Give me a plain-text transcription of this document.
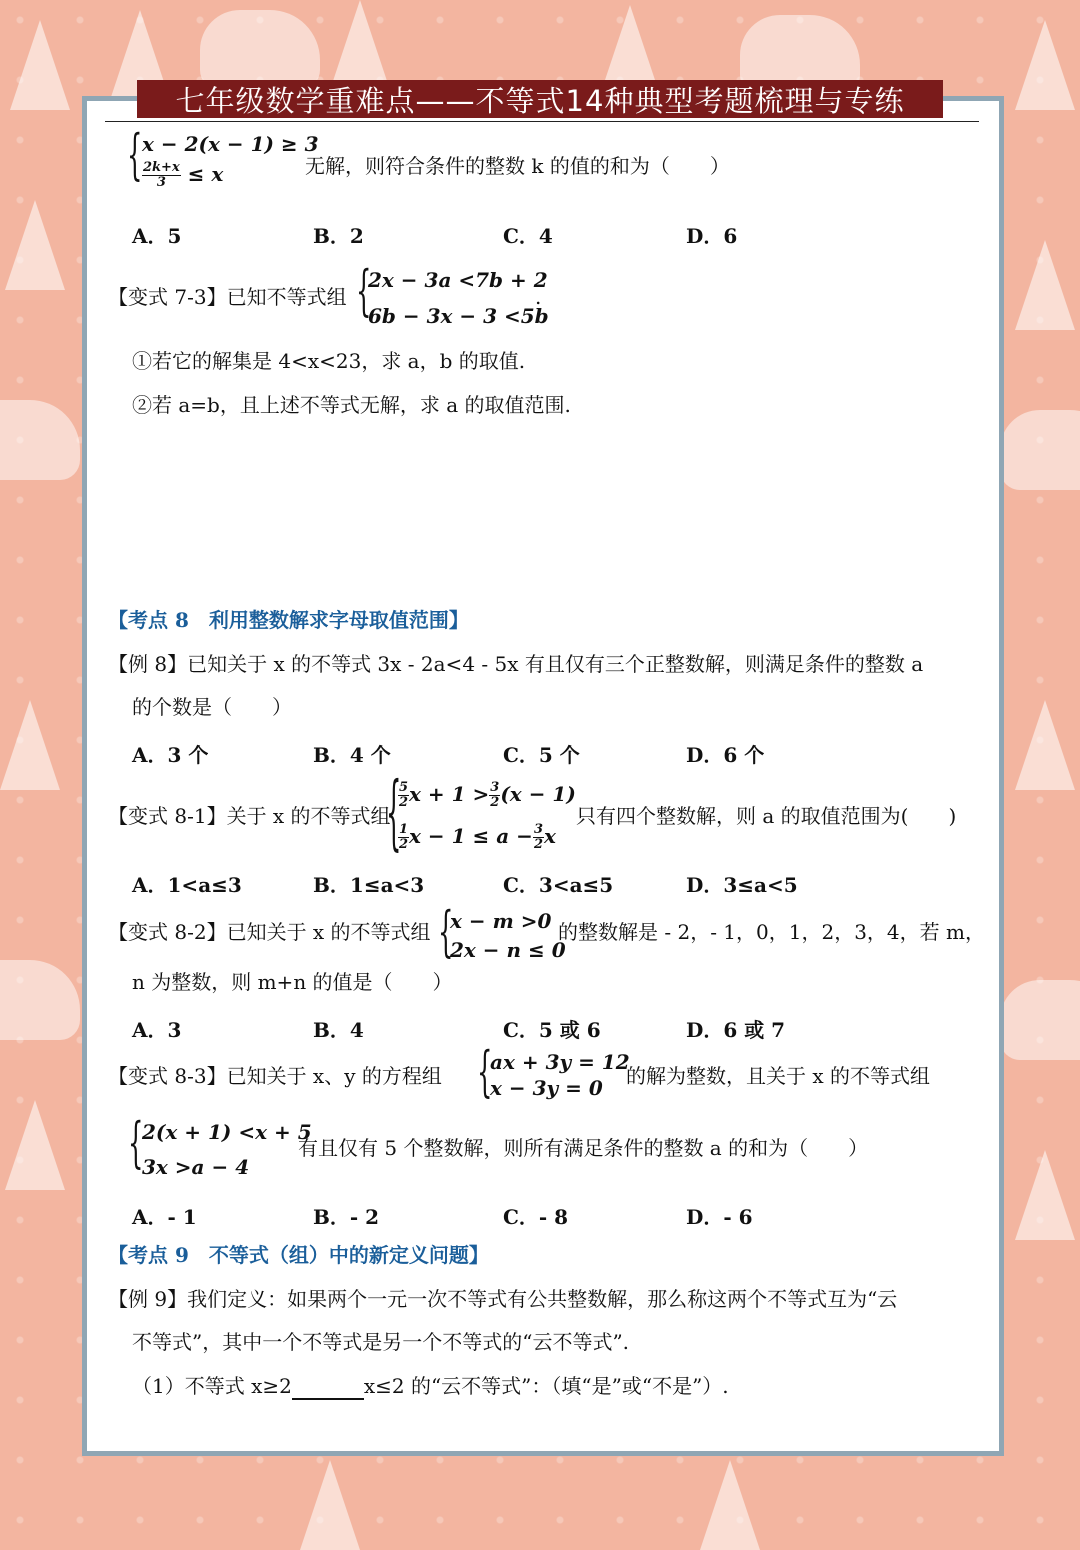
七年级数学重难点——不等式14种典型考题梳理与专练
{ x − 2(x − 1) ≥ 3
$\frac{2k+x}{3} \le x$	无解，则符合条件的整数 k 的值的和为（　　）
A．5	B．2	C．4	D．6
【变式 7-3】已知不等式组 {
2x − 3a <7b + 2
6b − 3x − 3 <5b
.
①若它的解集是 4<x<23，求 a，b 的取值.
②若 a=b，且上述不等式无解，求 a 的取值范围.
【考点 8　利用整数解求字母取值范围】
【例 8】已知关于 x 的不等式 3x - 2a<4 - 5x 有且仅有三个正整数解，则满足条件的整数 a
的个数是（　　）
A．3 个	B．4 个	C．5 个	D．6 个
【变式 8-1】关于 x 的不等式组
{
$\frac{5}{2}$ $x + 1 > \frac{3}{2} (x - 1)$
$\frac{1}{2}$ $x - 1 \le a - \frac{3}{2}$ x
只有四个整数解，则 a 的取值范围为(　　)
A．1<a≤3	B．1≤a<3	C．3<a≤5	D．3≤a<5
【变式 8-2】已知关于 x 的不等式组 {
x − m >0
2x − n ≤ 0
的整数解是 - 2，- 1，0，1，2，3，4，若 m，
n 为整数，则 m+n 的值是（　　）
A．3	B．4	C．5 或 6	D．6 或 7
【变式 8-3】已知关于 x、y 的方程组 {
ax + 3y = 12
x − 3y = 0 的解为整数，且关于 x 的不等式组
{
2(x + 1) <x + 5
3x >a − 4
有且仅有 5 个整数解，则所有满足条件的整数 a 的和为（　　）
A．- 1	B．- 2	C．- 8	D．- 6
【考点 9　不等式（组）中的新定义问题】
【例 9】我们定义：如果两个一元一次不等式有公共整数解，那么称这两个不等式互为“云
不等式”，其中一个不等式是另一个不等式的“云不等式”.
（1）不等式 x≥2	x≤2 的“云不等式”：（填“是”或“不是”）.
